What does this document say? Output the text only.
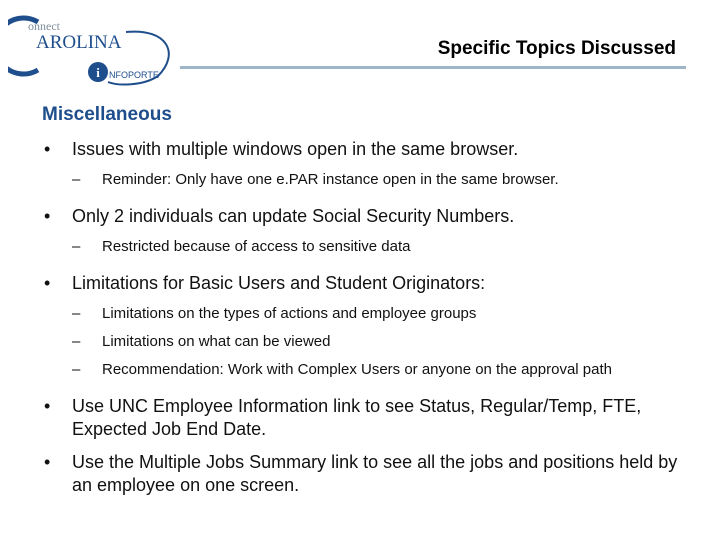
onnect
AROLINA
i NFOPORTE
Specific Topics Discussed
Miscellaneous
• Issues with multiple windows open in the same browser.
– Reminder: Only have one e.PAR instance open in the same browser.
• Only 2 individuals can update Social Security Numbers.
– Restricted because of access to sensitive data
• Limitations for Basic Users and Student Originators:
– Limitations on the types of actions and employee groups
– Limitations on what can be viewed
– Recommendation: Work with Complex Users or anyone on the approval path
• Use UNC Employee Information link to see Status, Regular/Temp, FTE, Expected Job End Date.
• Use the Multiple Jobs Summary link to see all the jobs and positions held by an employee on one screen.
